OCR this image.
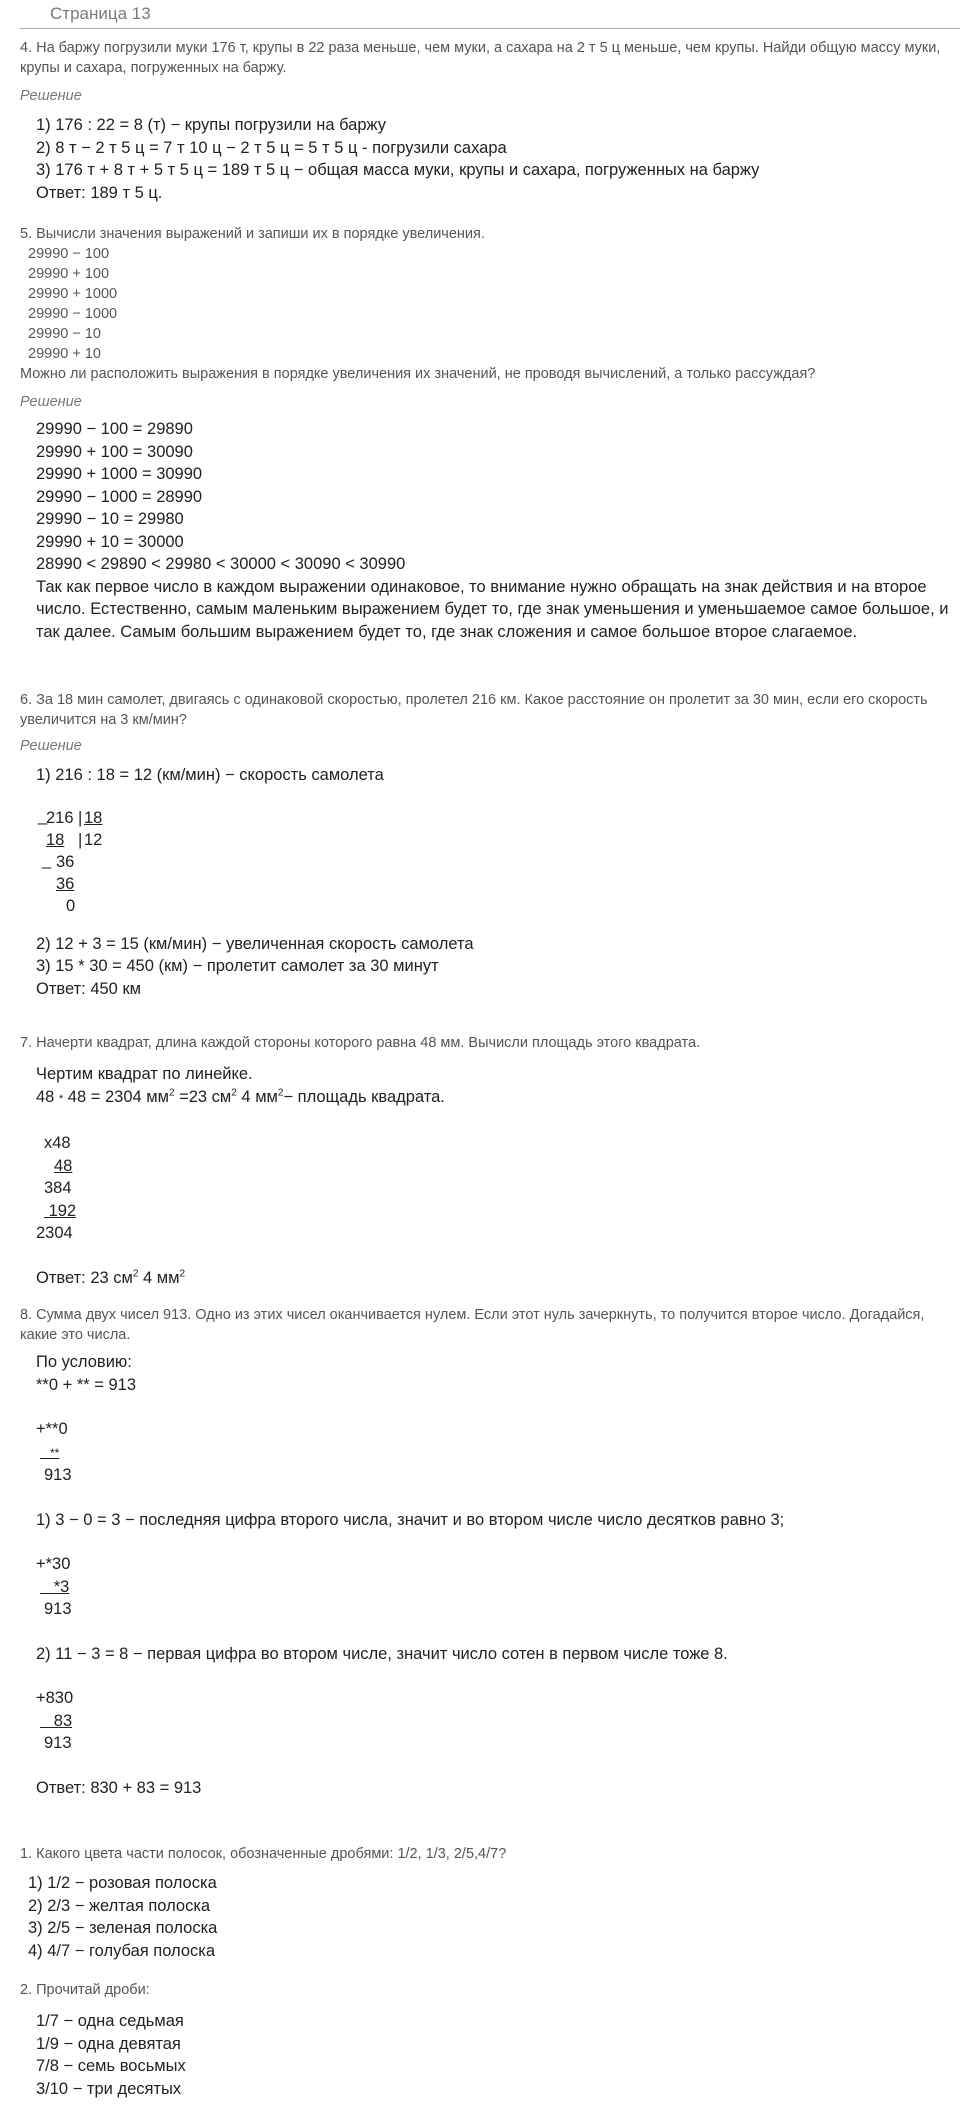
Страница 13

4. На баржу погрузили муки 176 т, крупы в 22 раза меньше, чем муки, а сахара на 2 т 5 ц меньше, чем крупы. Найди общую массу муки, крупы и сахара, погруженных на баржу.

Решение
1) 176 : 22 = 8 (т) − крупы погрузили на баржу
2) 8 т − 2 т 5 ц = 7 т 10 ц − 2 т 5 ц = 5 т 5 ц - погрузили сахара
3) 176 т + 8 т + 5 т 5 ц = 189 т 5 ц − общая масса муки, крупы и сахара, погруженных на баржу
Ответ: 189 т 5 ц.

5. Вычисли значения выражений и запиши их в порядке увеличения.

29990 − 100
29990 + 100
29990 + 1000
29990 − 1000
29990 − 10
29990 + 10

Можно ли расположить выражения в порядке увеличения их значений, не проводя вычислений, а только рассуждая?

Решение
29990 − 100 = 29890
29990 + 100 = 30090
29990 + 1000 = 30990
29990 − 1000 = 28990
29990 − 10 = 29980
29990 + 10 = 30000
28990 < 29890 < 29980 < 30000 < 30090 < 30990
Так как первое число в каждом выражении одинаковое, то внимание нужно обращать на знак действия и на второе число. Естественно, самым маленьким выражением будет то, где знак уменьшения и уменьшаемое самое большое, и так далее. Самым большим выражением будет то, где знак сложения и самое большое второе слагаемое.

6. За 18 мин самолет, двигаясь с одинаковой скоростью, пролетел 216 км. Какое расстояние он пролетит за 30 мин, если его скорость увеличится на 3 км/мин?

Решение
1) 216 : 18 = 12 (км/мин) − скорость самолета
_
216 | 18
18 | 12
_ 36
36
0
2) 12 + 3 = 15 (км/мин) − увеличенная скорость самолета
3) 15 * 30 = 450 (км) − пролетит самолет за 30 минут
Ответ: 450 км

7. Начерти квадрат, длина каждой стороны которого равна 48 мм. Вычисли площадь этого квадрата.

Чертим квадрат по линейке.
48 * 48 = 2304 $мм^2 =23$ $см^2$ 4 $мм^2-$ площадь квадрата.
x48
48
384
192
2304
Ответ: 23 $см^2$ 4 $мм^2$

8. Сумма двух чисел 913. Одно из этих чисел оканчивается нулем. Если этот нуль зачеркнуть, то получится второе число. Догадайся, какие это числа.

По условию:
**0 + ** = 913
+**0
**
913
1) 3 − 0 = 3 − последняя цифра второго числа, значит и во втором числе число десятков равно 3;
+*30
*3
913
2) 11 − 3 = 8 − первая цифра во втором числе, значит число сотен в первом числе тоже 8.
+830
83
913
Ответ: 830 + 83 = 913

1. Какого цвета части полосок, обозначенные дробями: 1/2, 1/3, 2/5,4/7?

1) 1/2 − розовая полоска
2) 2/3 − желтая полоска
3) 2/5 − зеленая полоска
4) 4/7 − голубая полоска

2. Прочитай дроби:

1/7 − одна седьмая
1/9 − одна девятая
7/8 − семь восьмых
3/10 − три десятых
